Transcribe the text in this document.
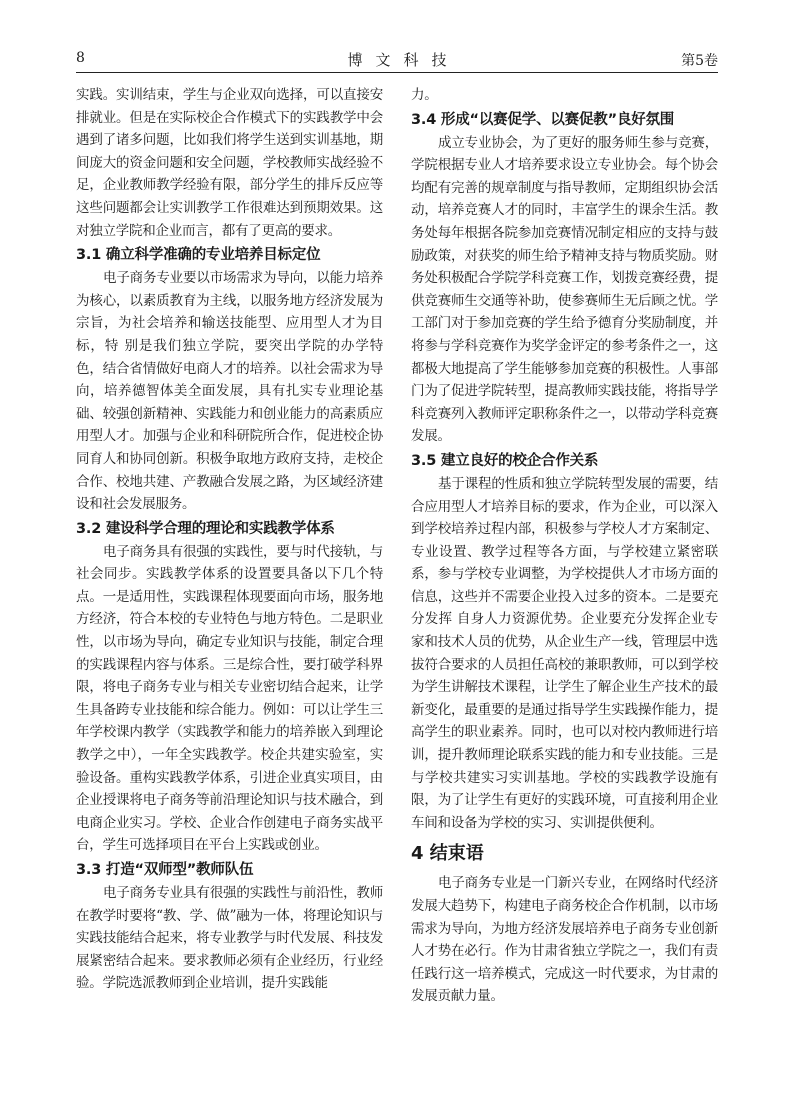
8	博文科技	第5卷

实践。实训结束，学生与企业双向选择，可以直接安排就业。但是在实际校企合作模式下的实践教学中会遇到了诸多问题，比如我们将学生送到实训基地，期间庞大的资金问题和安全问题，学校教师实战经验不足，企业教师教学经验有限，部分学生的排斥反应等这些问题都会让实训教学工作很难达到预期效果。这对独立学院和企业而言，都有了更高的要求。

3.1 确立科学准确的专业培养目标定位

电子商务专业要以市场需求为导向，以能力培养为核心，以素质教育为主线，以服务地方经济发展为宗旨，为社会培养和输送技能型、应用型人才为目标，特 别是我们独立学院，要突出学院的办学特色，结合省情做好电商人才的培养。以社会需求为导向，培养德智体美全面发展，具有扎实专业理论基础、较强创新精神、实践能力和创业能力的高素质应用型人才。加强与企业和科研院所合作，促进校企协同育人和协同创新。积极争取地方政府支持，走校企合作、校地共建、产教融合发展之路，为区域经济建设和社会发展服务。

3.2 建设科学合理的理论和实践教学体系

电子商务具有很强的实践性，要与时代接轨，与社会同步。实践教学体系的设置要具备以下几个特点。一是适用性，实践课程体现要面向市场，服务地方经济，符合本校的专业特色与地方特色。二是职业性，以市场为导向，确定专业知识与技能，制定合理的实践课程内容与体系。三是综合性，要打破学科界限，将电子商务专业与相关专业密切结合起来，让学生具备跨专业技能和综合能力。例如：可以让学生三年学校课内教学（实践教学和能力的培养嵌入到理论教学之中），一年全实践教学。校企共建实验室，实验设备。重构实践教学体系，引进企业真实项目，由企业授课将电子商务等前沿理论知识与技术融合，到电商企业实习。学校、企业合作创建电子商务实战平台，学生可选择项目在平台上实践或创业。

3.3 打造“双师型”教师队伍

电子商务专业具有很强的实践性与前沿性，教师在教学时要将“教、学、做”融为一体，将理论知识与实践技能结合起来，将专业教学与时代发展、科技发展紧密结合起来。要求教师必须有企业经历，行业经验。学院选派教师到企业培训，提升实践能

力。

3.4 形成“以赛促学、以赛促教”良好氛围

成立专业协会，为了更好的服务师生参与竞赛，学院根据专业人才培养要求设立专业协会。每个协会均配有完善的规章制度与指导教师，定期组织协会活动，培养竞赛人才的同时，丰富学生的课余生活。教务处每年根据各院参加竞赛情况制定相应的支持与鼓励政策，对获奖的师生给予精神支持与物质奖励。财务处积极配合学院学科竞赛工作，划拨竞赛经费，提供竞赛师生交通等补助，使参赛师生无后顾之忧。学工部门对于参加竞赛的学生给予德育分奖励制度，并将参与学科竞赛作为奖学金评定的参考条件之一，这都极大地提高了学生能够参加竞赛的积极性。人事部门为了促进学院转型，提高教师实践技能，将指导学科竞赛列入教师评定职称条件之一，以带动学科竞赛发展。

3.5 建立良好的校企合作关系

基于课程的性质和独立学院转型发展的需要，结合应用型人才培养目标的要求，作为企业，可以深入到学校培养过程内部，积极参与学校人才方案制定、专业设置、教学过程等各方面，与学校建立紧密联系，参与学校专业调整，为学校提供人才市场方面的信息，这些并不需要企业投入过多的资本。二是要充分发挥 自身人力资源优势。企业要充分发挥企业专家和技术人员的优势，从企业生产一线，管理层中选拔符合要求的人员担任高校的兼职教师，可以到学校为学生讲解技术课程，让学生了解企业生产技术的最新变化，最重要的是通过指导学生实践操作能力，提高学生的职业素养。同时，也可以对校内教师进行培训，提升教师理论联系实践的能力和专业技能。三是与学校共建实习实训基地。学校的实践教学设施有限，为了让学生有更好的实践环境，可直接利用企业车间和设备为学校的实习、实训提供便利。

4 结束语

电子商务专业是一门新兴专业，在网络时代经济发展大趋势下，构建电子商务校企合作机制，以市场需求为导向，为地方经济发展培养电子商务专业创新人才势在必行。作为甘肃省独立学院之一，我们有责任践行这一培养模式，完成这一时代要求，为甘肃的发展贡献力量。
